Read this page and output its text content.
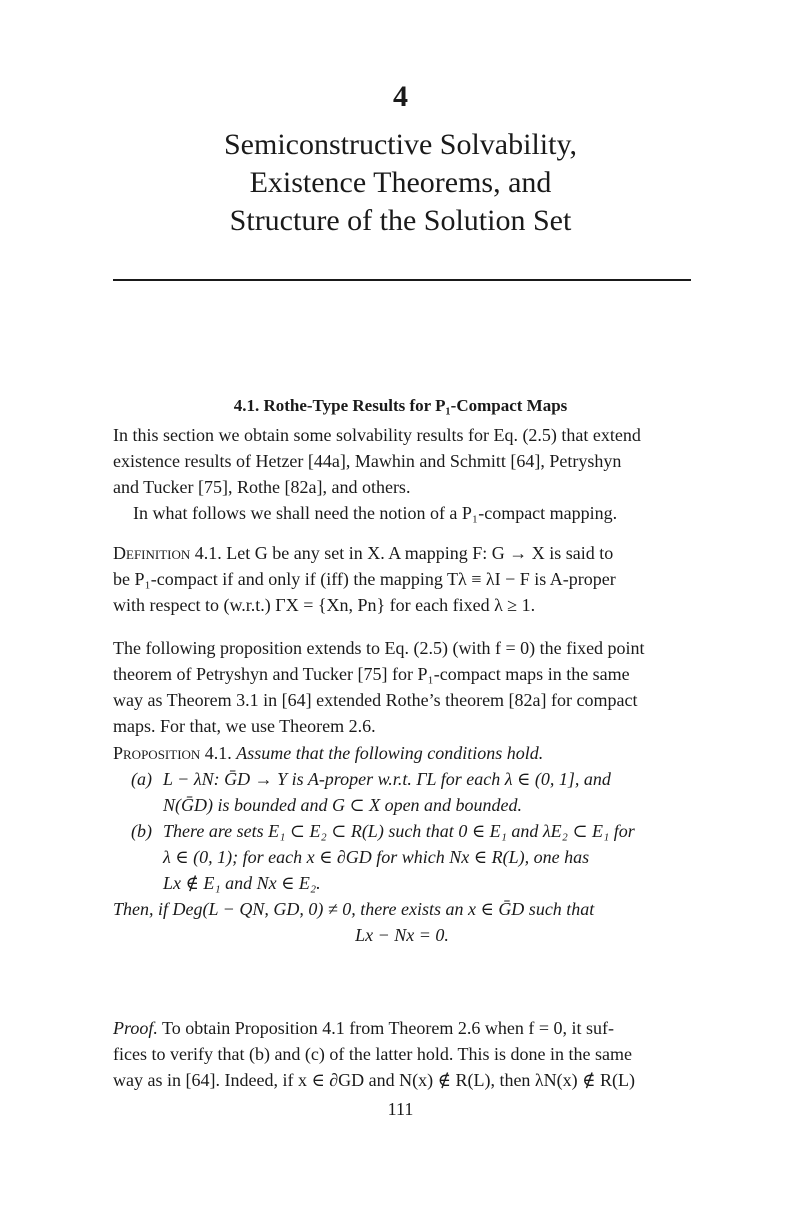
4
Semiconstructive Solvability,
Existence Theorems, and
Structure of the Solution Set
4.1. Rothe-Type Results for P₁-Compact Maps
In this section we obtain some solvability results for Eq. (2.5) that extend
existence results of Hetzer [44a], Mawhin and Schmitt [64], Petryshyn
and Tucker [75], Rothe [82a], and others.
In what follows we shall need the notion of a P₁-compact mapping.
Definition 4.1. Let G be any set in X. A mapping F: G → X is said to
be P₁-compact if and only if (iff) the mapping Tλ ≡ λI − F is A-proper
with respect to (w.r.t.) ΓX = {Xn, Pn} for each fixed λ ≥ 1.
The following proposition extends to Eq. (2.5) (with f = 0) the fixed point
theorem of Petryshyn and Tucker [75] for P₁-compact maps in the same
way as Theorem 3.1 in [64] extended Rothe’s theorem [82a] for compact
maps. For that, we use Theorem 2.6.
Proposition 4.1. Assume that the following conditions hold.
(a) L − λN: ḠD → Y is A-proper w.r.t. ΓL for each λ ∈ (0, 1], and
N(ḠD) is bounded and G ⊂ X open and bounded.
(b) There are sets E₁ ⊂ E₂ ⊂ R(L) such that 0 ∈ E₁ and λE₂ ⊂ E₁ for
λ ∈ (0, 1); for each x ∈ ∂GD for which Nx ∈ R(L), one has
Lx ∉ E₁ and Nx ∈ E₂.
Then, if Deg(L − QN, GD, 0) ≠ 0, there exists an x ∈ ḠD such that
Lx − Nx = 0.
Proof. To obtain Proposition 4.1 from Theorem 2.6 when f = 0, it suf-
fices to verify that (b) and (c) of the latter hold. This is done in the same
way as in [64]. Indeed, if x ∈ ∂GD and N(x) ∉ R(L), then λN(x) ∉ R(L)
111
